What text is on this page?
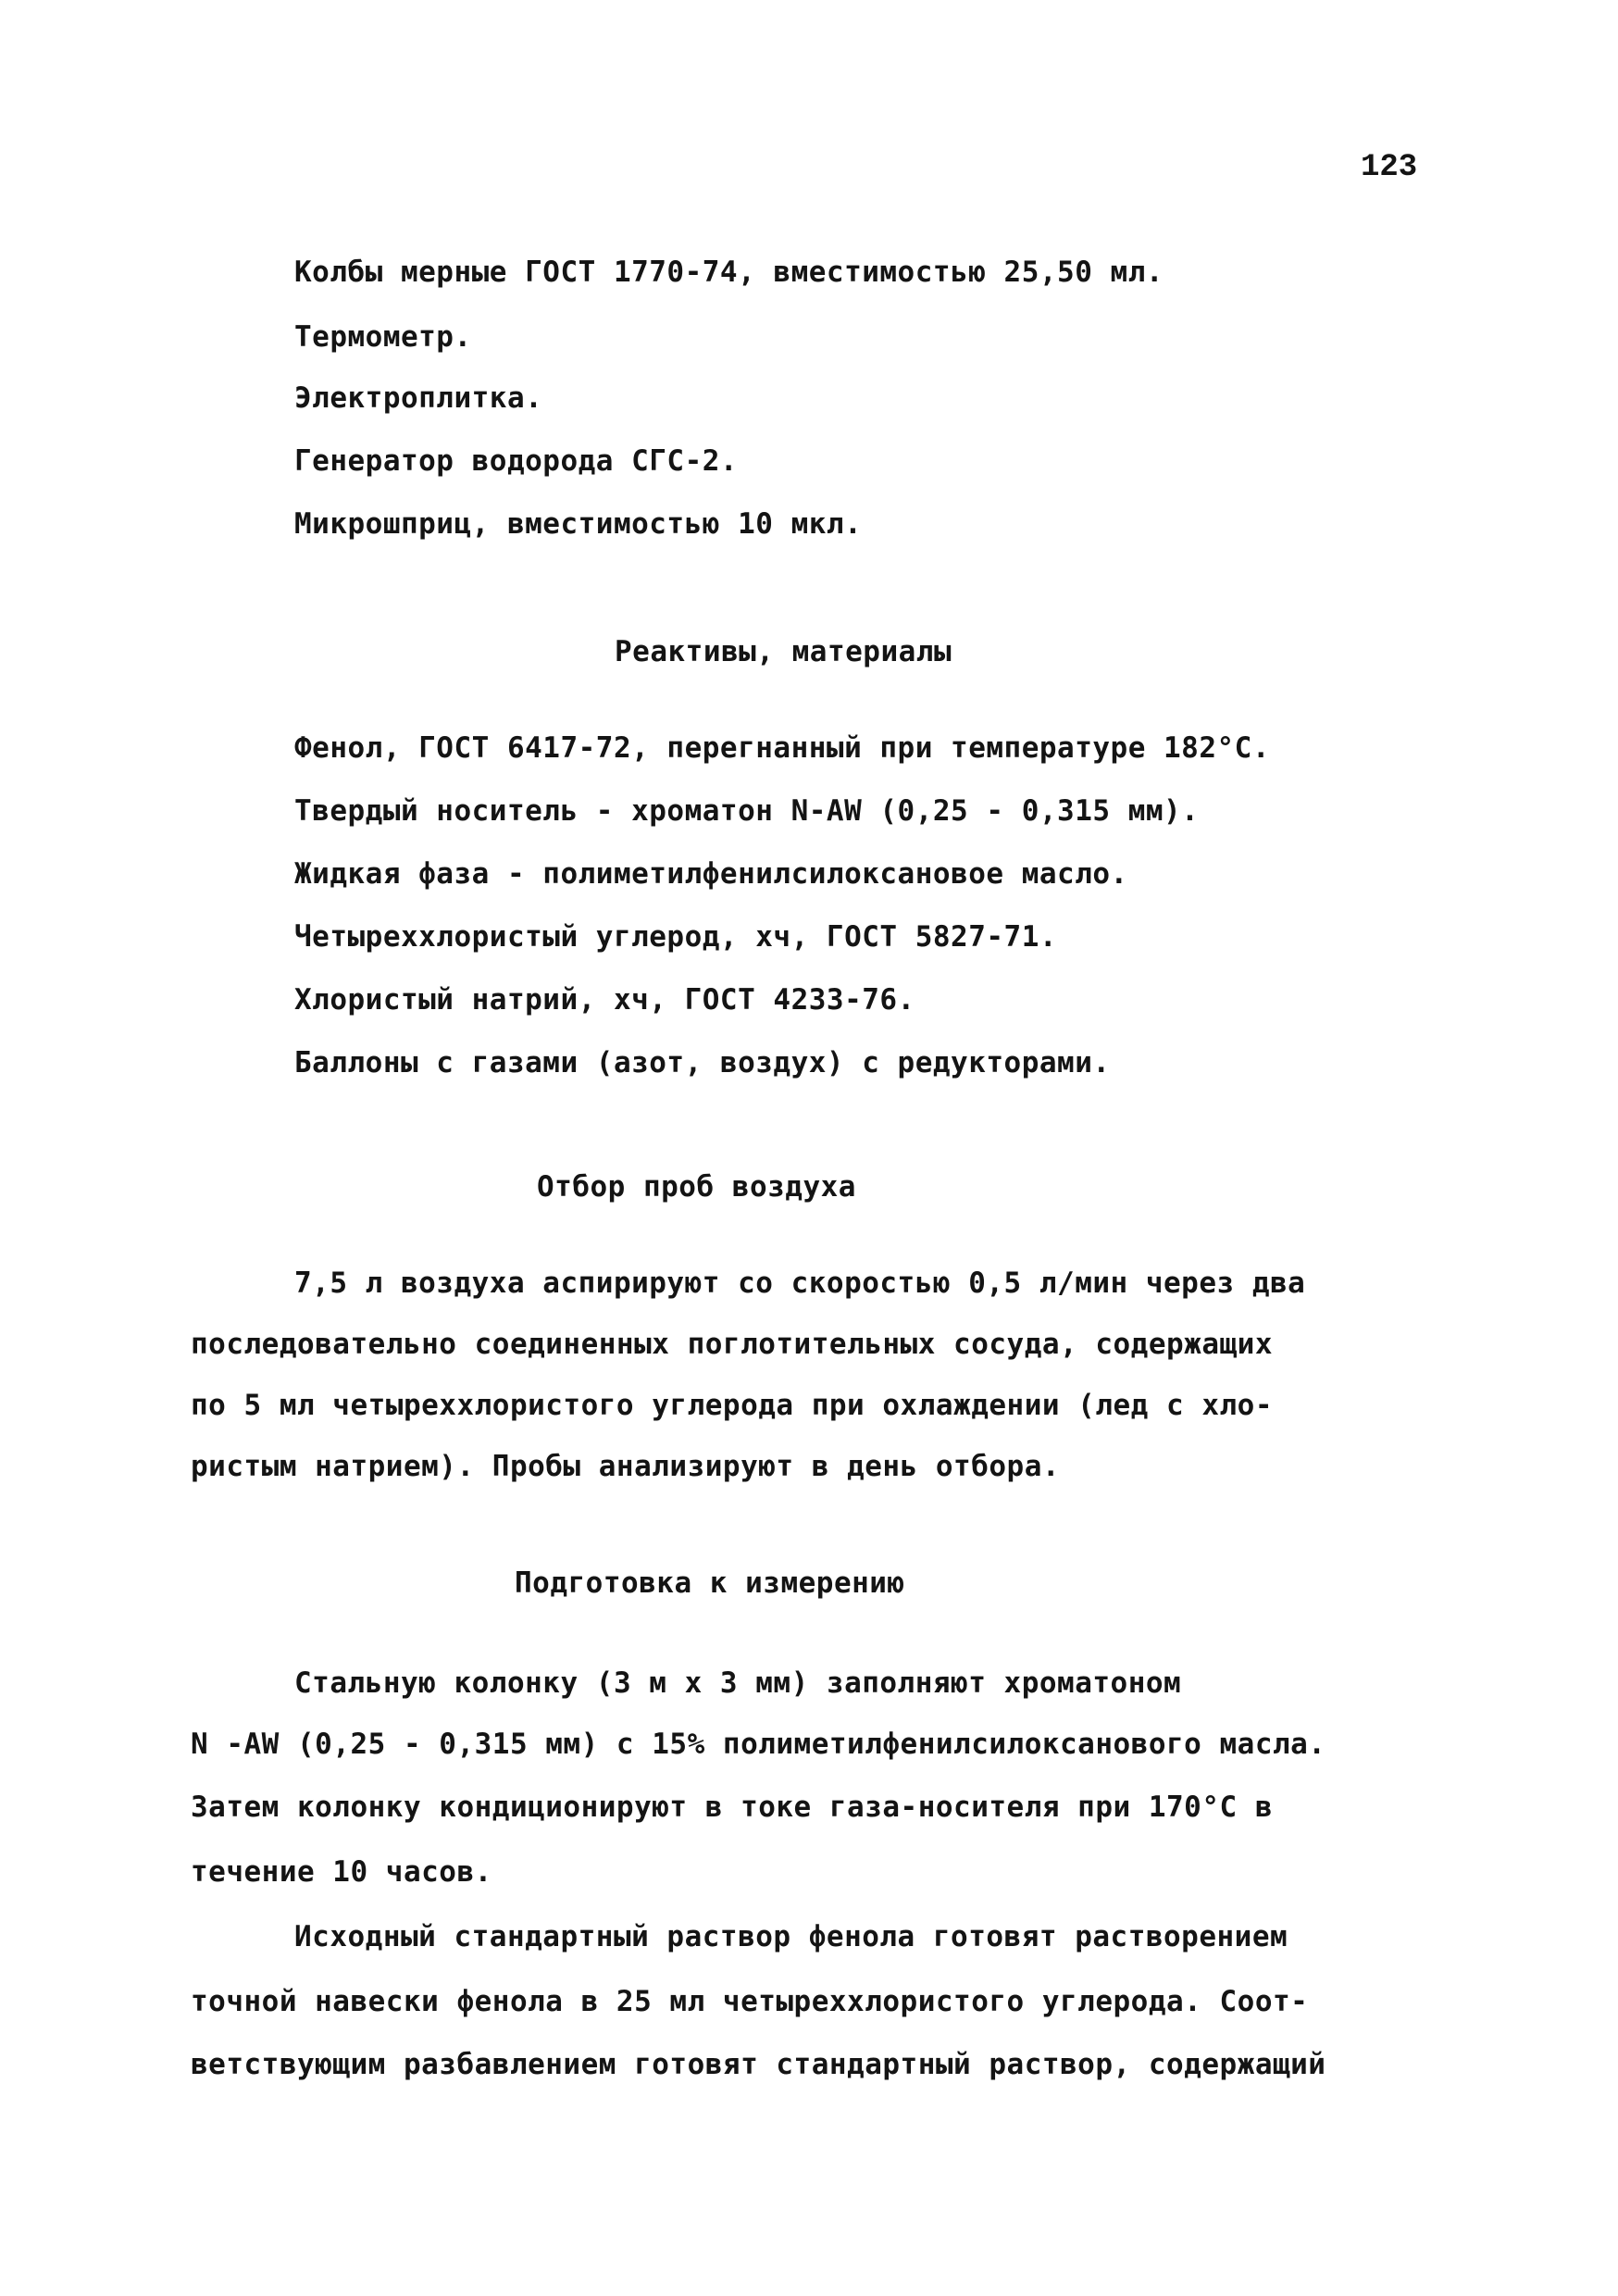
123
Колбы мерные ГОСТ 1770-74, вместимостью 25,50 мл.
Термометр.
Электроплитка.
Генератор водорода СГС-2.
Микрошприц, вместимостью 10 мкл.
Реактивы, материалы
Фенол, ГОСТ 6417-72, перегнанный при температуре 182°С.
Твердый носитель - хроматон N-AW (0,25 - 0,315 мм).
Жидкая фаза - полиметилфенилсилоксановое масло.
Четыреххлористый углерод, хч, ГОСТ 5827-71.
Хлористый натрий, хч, ГОСТ 4233-76.
Баллоны с газами (азот, воздух) с редукторами.
Отбор проб воздуха
7,5 л воздуха аспирируют со скоростью 0,5 л/мин через два
последовательно соединенных поглотительных сосуда, содержащих
по 5 мл четыреххлористого углерода при охлаждении (лед с хло-
ристым натрием). Пробы анализируют в день отбора.
Подготовка к измерению
Стальную колонку (3 м х 3 мм) заполняют хроматоном
N -AW (0,25 - 0,315 мм) с 15% полиметилфенилсилоксанового масла.
Затем колонку кондиционируют в токе газа-носителя при 170°С в
течение 10 часов.
Исходный стандартный раствор фенола готовят растворением
точной навески фенола в 25 мл четыреххлористого углерода. Соот-
ветствующим разбавлением готовят стандартный раствор, содержащий
